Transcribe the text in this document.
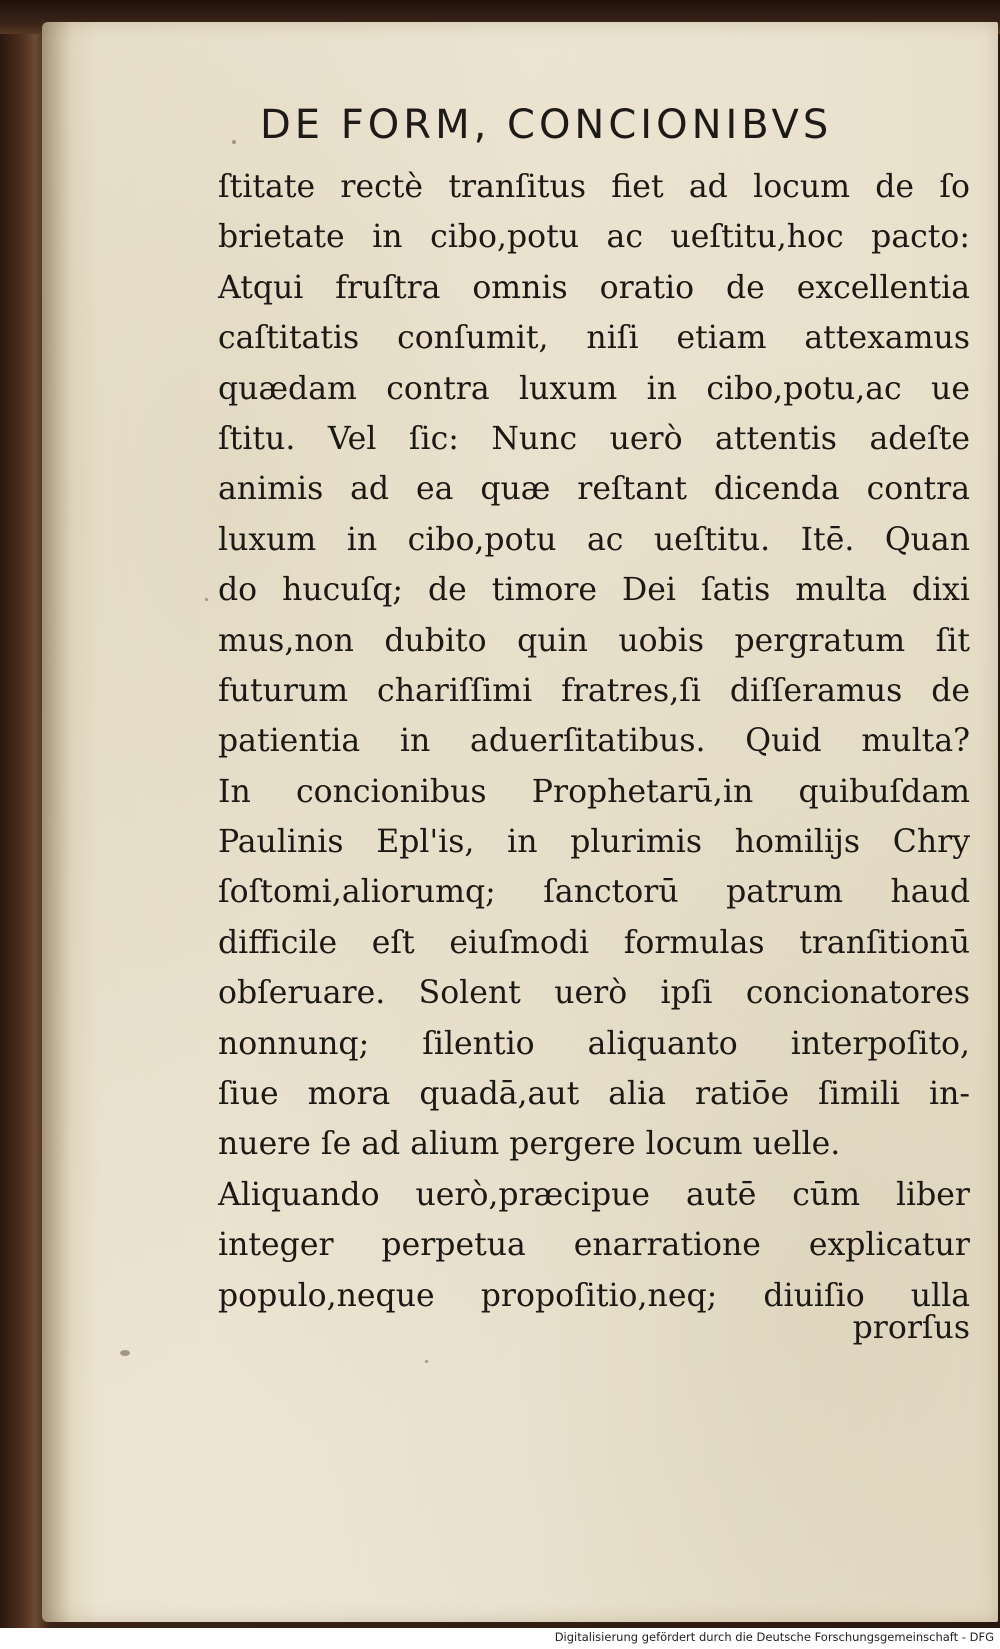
DE FORM, CONCIONIBVS
ſtitate rectè tranſitus fiet ad locum de ſo
brietate in cibo,potu ac ueſtitu,hoc pacto:
Atqui fruſtra omnis oratio de excellentia
caſtitatis conſumit, niſi etiam attexamus
quædam contra luxum in cibo,potu,ac ue
ſtitu. Vel ſic: Nunc uerò attentis adeſte
animis ad ea quæ reſtant dicenda contra
luxum in cibo,potu ac ueſtitu. Itē. Quan
do hucuſq; de timore Dei ſatis multa dixi
mus,non dubito quin uobis pergratum ſit
futurum chariſſimi fratres,ſi diſſeramus de
patientia in aduerſitatibus. Quid multa?
In concionibus Prophetarū,in quibuſdam
Paulinis Epl'is, in plurimis homilijs Chry
ſoſtomi,aliorumq; ſanctorū patrum haud
difficile eſt eiuſmodi formulas tranſitionū
obſeruare. Solent uerò ipſi concionatores
nonnunq; ſilentio aliquanto interpoſito,
ſiue mora quadā,aut alia ratiōe ſimili in-
nuere ſe ad alium pergere locum uelle.
Aliquando uerò,præcipue autē cūm liber
integer perpetua enarratione explicatur
populo,neque propoſitio,neq; diuiſio ulla
prorſus
Digitalisierung gefördert durch die Deutsche Forschungsgemeinschaft - DFG
